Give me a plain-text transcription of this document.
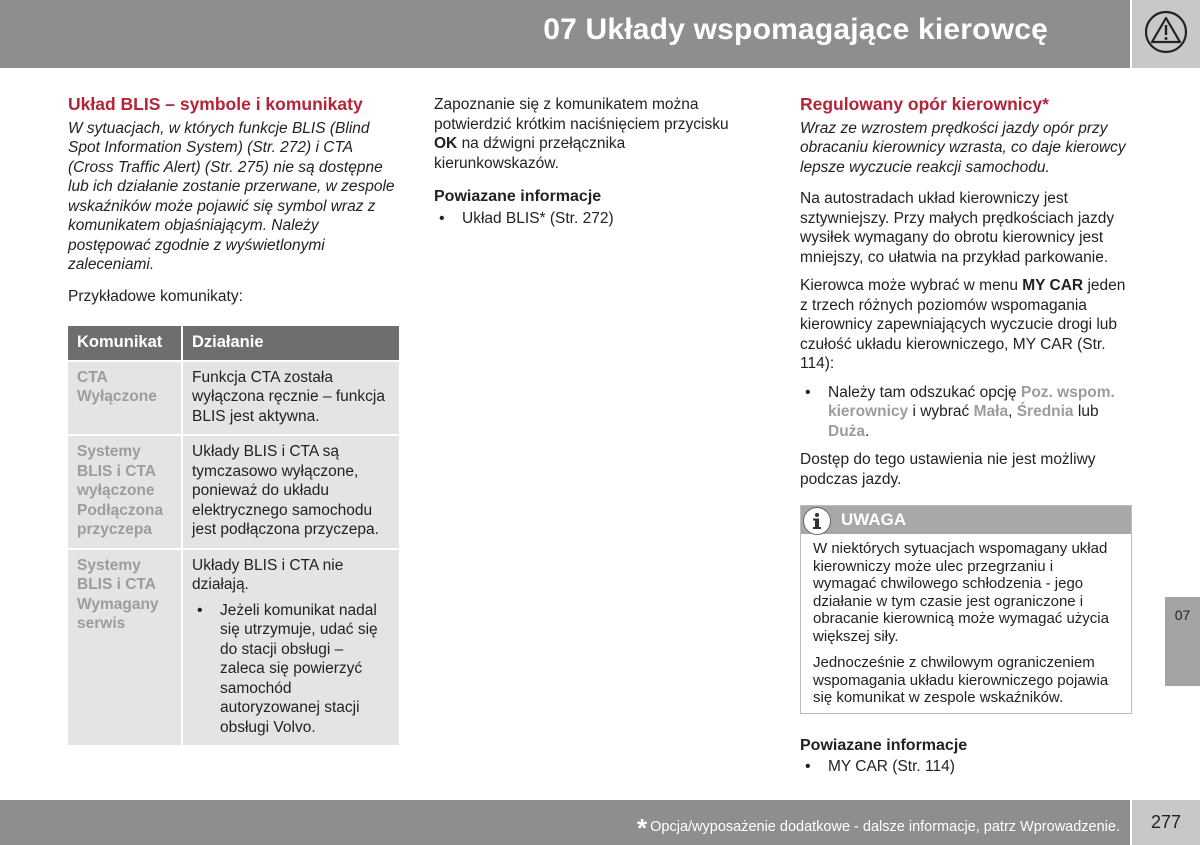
07 Układy wspomagające kierowcę
Układ BLIS – symbole i komunikaty

W sytuacjach, w których funkcje BLIS (Blind Spot Information System) (Str. 272) i CTA (Cross Traffic Alert) (Str. 275) nie są dostępne lub ich działanie zostanie przerwane, w zespole wskaźników może pojawić się symbol wraz z komunikatem objaśniającym. Należy postępować zgodnie z wyświetlonymi zaleceniami.

Przykładowe komunikaty:

Komunikat	Działanie
CTA Wyłączone	Funkcja CTA została wyłączona ręcznie – funkcja BLIS jest aktywna.
Systemy BLIS i CTA wyłączone Podłączona przyczepa	Układy BLIS i CTA są tymczasowo wyłączone, ponieważ do układu elektrycznego samochodu jest podłączona przyczepa.
Systemy BLIS i CTA Wymagany serwis	Układy BLIS i CTA nie działają.
• Jeżeli komunikat nadal się utrzymuje, udać się do stacji obsługi – zaleca się powierzyć samochód autoryzowanej stacji obsługi Volvo.

Zapoznanie się z komunikatem można potwierdzić krótkim naciśnięciem przycisku OK na dźwigni przełącznika kierunkowskazów.

Powiazane informacje
• Układ BLIS* (Str. 272)
Regulowany opór kierownicy*

Wraz ze wzrostem prędkości jazdy opór przy obracaniu kierownicy wzrasta, co daje kierowcy lepsze wyczucie reakcji samochodu.

Na autostradach układ kierowniczy jest sztywniejszy. Przy małych prędkościach jazdy wysiłek wymagany do obrotu kierownicy jest mniejszy, co ułatwia na przykład parkowanie.

Kierowca może wybrać w menu MY CAR jeden z trzech różnych poziomów wspomagania kierownicy zapewniających wyczucie drogi lub czułość układu kierowniczego, MY CAR (Str. 114):

• Należy tam odszukać opcję Poz. wspom. kierownicy i wybrać Mała, Średnia lub Duża.

Dostęp do tego ustawienia nie jest możliwy podczas jazdy.

UWAGA

W niektórych sytuacjach wspomagany układ kierowniczy może ulec przegrzaniu i wymagać chwilowego schłodzenia - jego działanie w tym czasie jest ograniczone i obracanie kierownicą może wymagać użycia większej siły.

Jednocześnie z chwilowym ograniczeniem wspomagania układu kierowniczego pojawia się komunikat w zespole wskaźników.

Powiazane informacje
• MY CAR (Str. 114)
07
* Opcja/wyposażenie dodatkowe - dalsze informacje, patrz Wprowadzenie.	277
